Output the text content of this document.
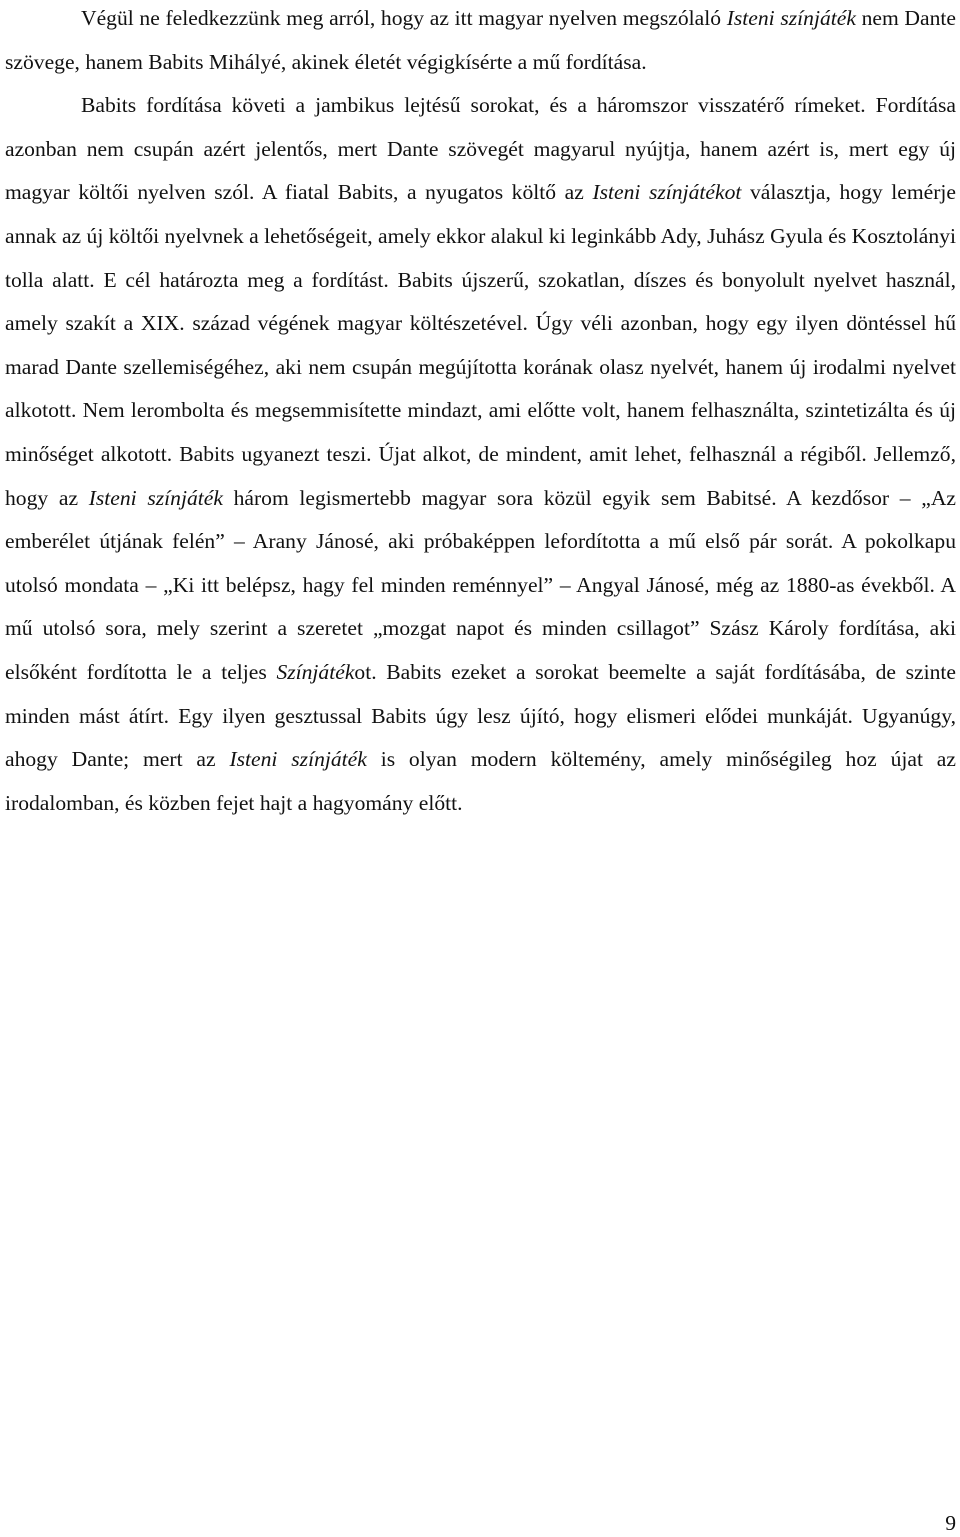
Végül ne feledkezzünk meg arról, hogy az itt magyar nyelven megszólaló Isteni színjáték nem Dante szövege, hanem Babits Mihályé, akinek életét végigkísérte a mű fordítása.

Babits fordítása követi a jambikus lejtésű sorokat, és a háromszor visszatérő rímeket. Fordítása azonban nem csupán azért jelentős, mert Dante szövegét magyarul nyújtja, hanem azért is, mert egy új magyar költői nyelven szól. A fiatal Babits, a nyugatos költő az Isteni színjátékot választja, hogy lemérje annak az új költői nyelvnek a lehetőségeit, amely ekkor alakul ki leginkább Ady, Juhász Gyula és Kosztolányi tolla alatt. E cél határozta meg a fordítást. Babits újszerű, szokatlan, díszes és bonyolult nyelvet használ, amely szakít a XIX. század végének magyar költészetével. Úgy véli azonban, hogy egy ilyen döntéssel hű marad Dante szellemiségéhez, aki nem csupán megújította korának olasz nyelvét, hanem új irodalmi nyelvet alkotott. Nem lerombolta és megsemmisítette mindazt, ami előtte volt, hanem felhasználta, szintetizálta és új minőséget alkotott. Babits ugyanezt teszi. Újat alkot, de mindent, amit lehet, felhasznál a régiből. Jellemző, hogy az Isteni színjáték három legismertebb magyar sora közül egyik sem Babitsé. A kezdősor – „Az emberélet útjának felén” – Arany Jánosé, aki próbaképpen lefordította a mű első pár sorát. A pokolkapu utolsó mondata – „Ki itt belépsz, hagy fel minden reménnyel” – Angyal Jánosé, még az 1880-as évekből. A mű utolsó sora, mely szerint a szeretet „mozgat napot és minden csillagot” Szász Károly fordítása, aki elsőként fordította le a teljes Színjátékot. Babits ezeket a sorokat beemelte a saját fordításába, de szinte minden mást átírt. Egy ilyen gesztussal Babits úgy lesz újító, hogy elismeri elődei munkáját. Ugyanúgy, ahogy Dante; mert az Isteni színjáték is olyan modern költemény, amely minőségileg hoz újat az irodalomban, és közben fejet hajt a hagyomány előtt.

9
